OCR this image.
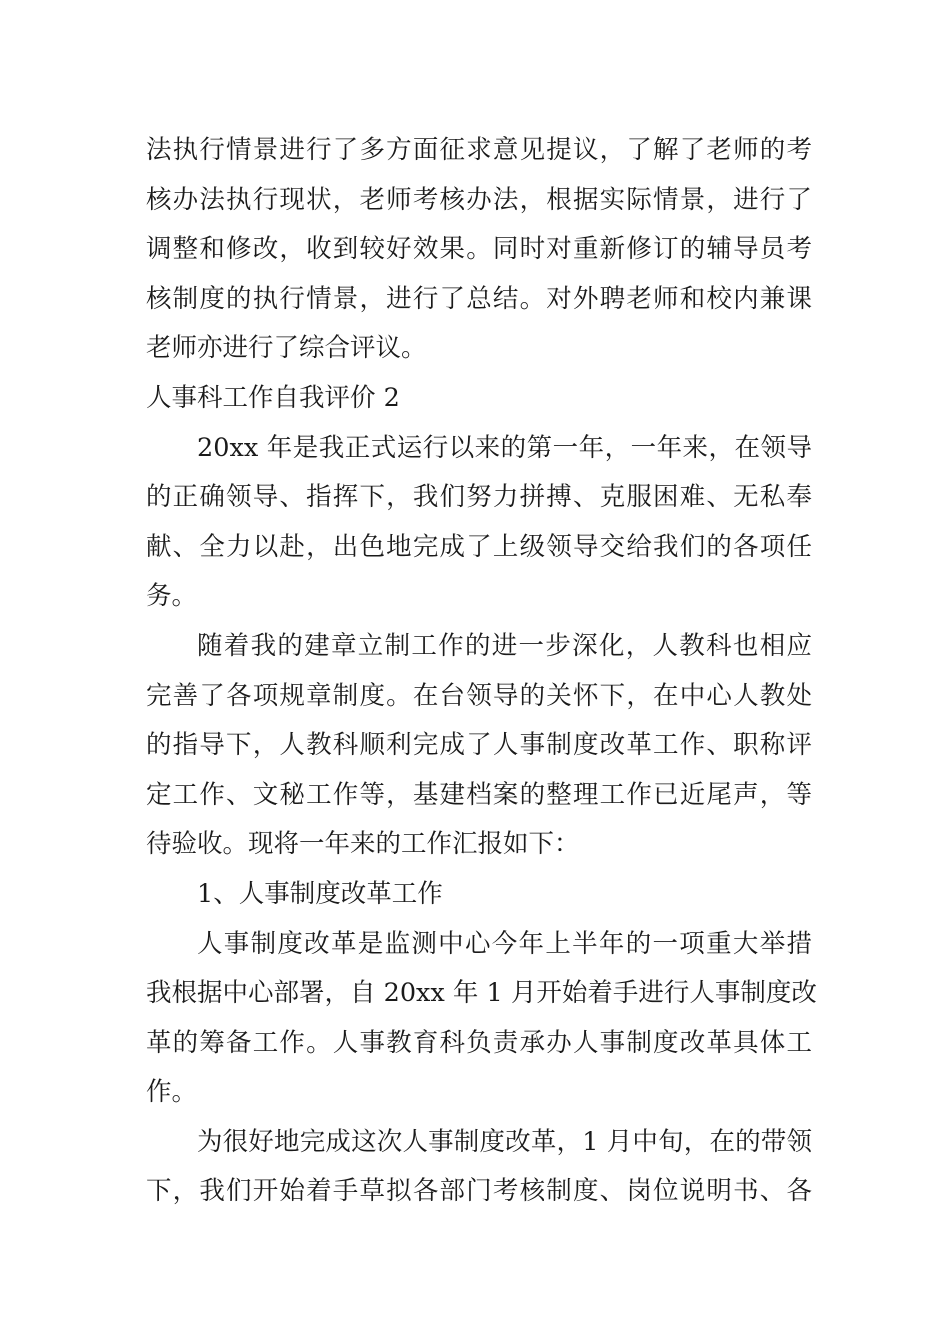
法执行情景进行了多方面征求意见提议，了解了老师的考
核办法执行现状，老师考核办法，根据实际情景，进行了
调整和修改，收到较好效果。同时对重新修订的辅导员考
核制度的执行情景，进行了总结。对外聘老师和校内兼课
老师亦进行了综合评议。
人事科工作自我评价 2
20xx 年是我正式运行以来的第一年，一年来，在领导
的正确领导、指挥下，我们努力拼搏、克服困难、无私奉
献、全力以赴，出色地完成了上级领导交给我们的各项任
务。
随着我的建章立制工作的进一步深化，人教科也相应
完善了各项规章制度。在台领导的关怀下，在中心人教处
的指导下，人教科顺利完成了人事制度改革工作、职称评
定工作、文秘工作等，基建档案的整理工作已近尾声，等
待验收。现将一年来的工作汇报如下：
1、人事制度改革工作
人事制度改革是监测中心今年上半年的一项重大举措
我根据中心部署，自 20xx 年 1 月开始着手进行人事制度改
革的筹备工作。人事教育科负责承办人事制度改革具体工
作。
为很好地完成这次人事制度改革，1 月中旬，在的带领
下，我们开始着手草拟各部门考核制度、岗位说明书、各
